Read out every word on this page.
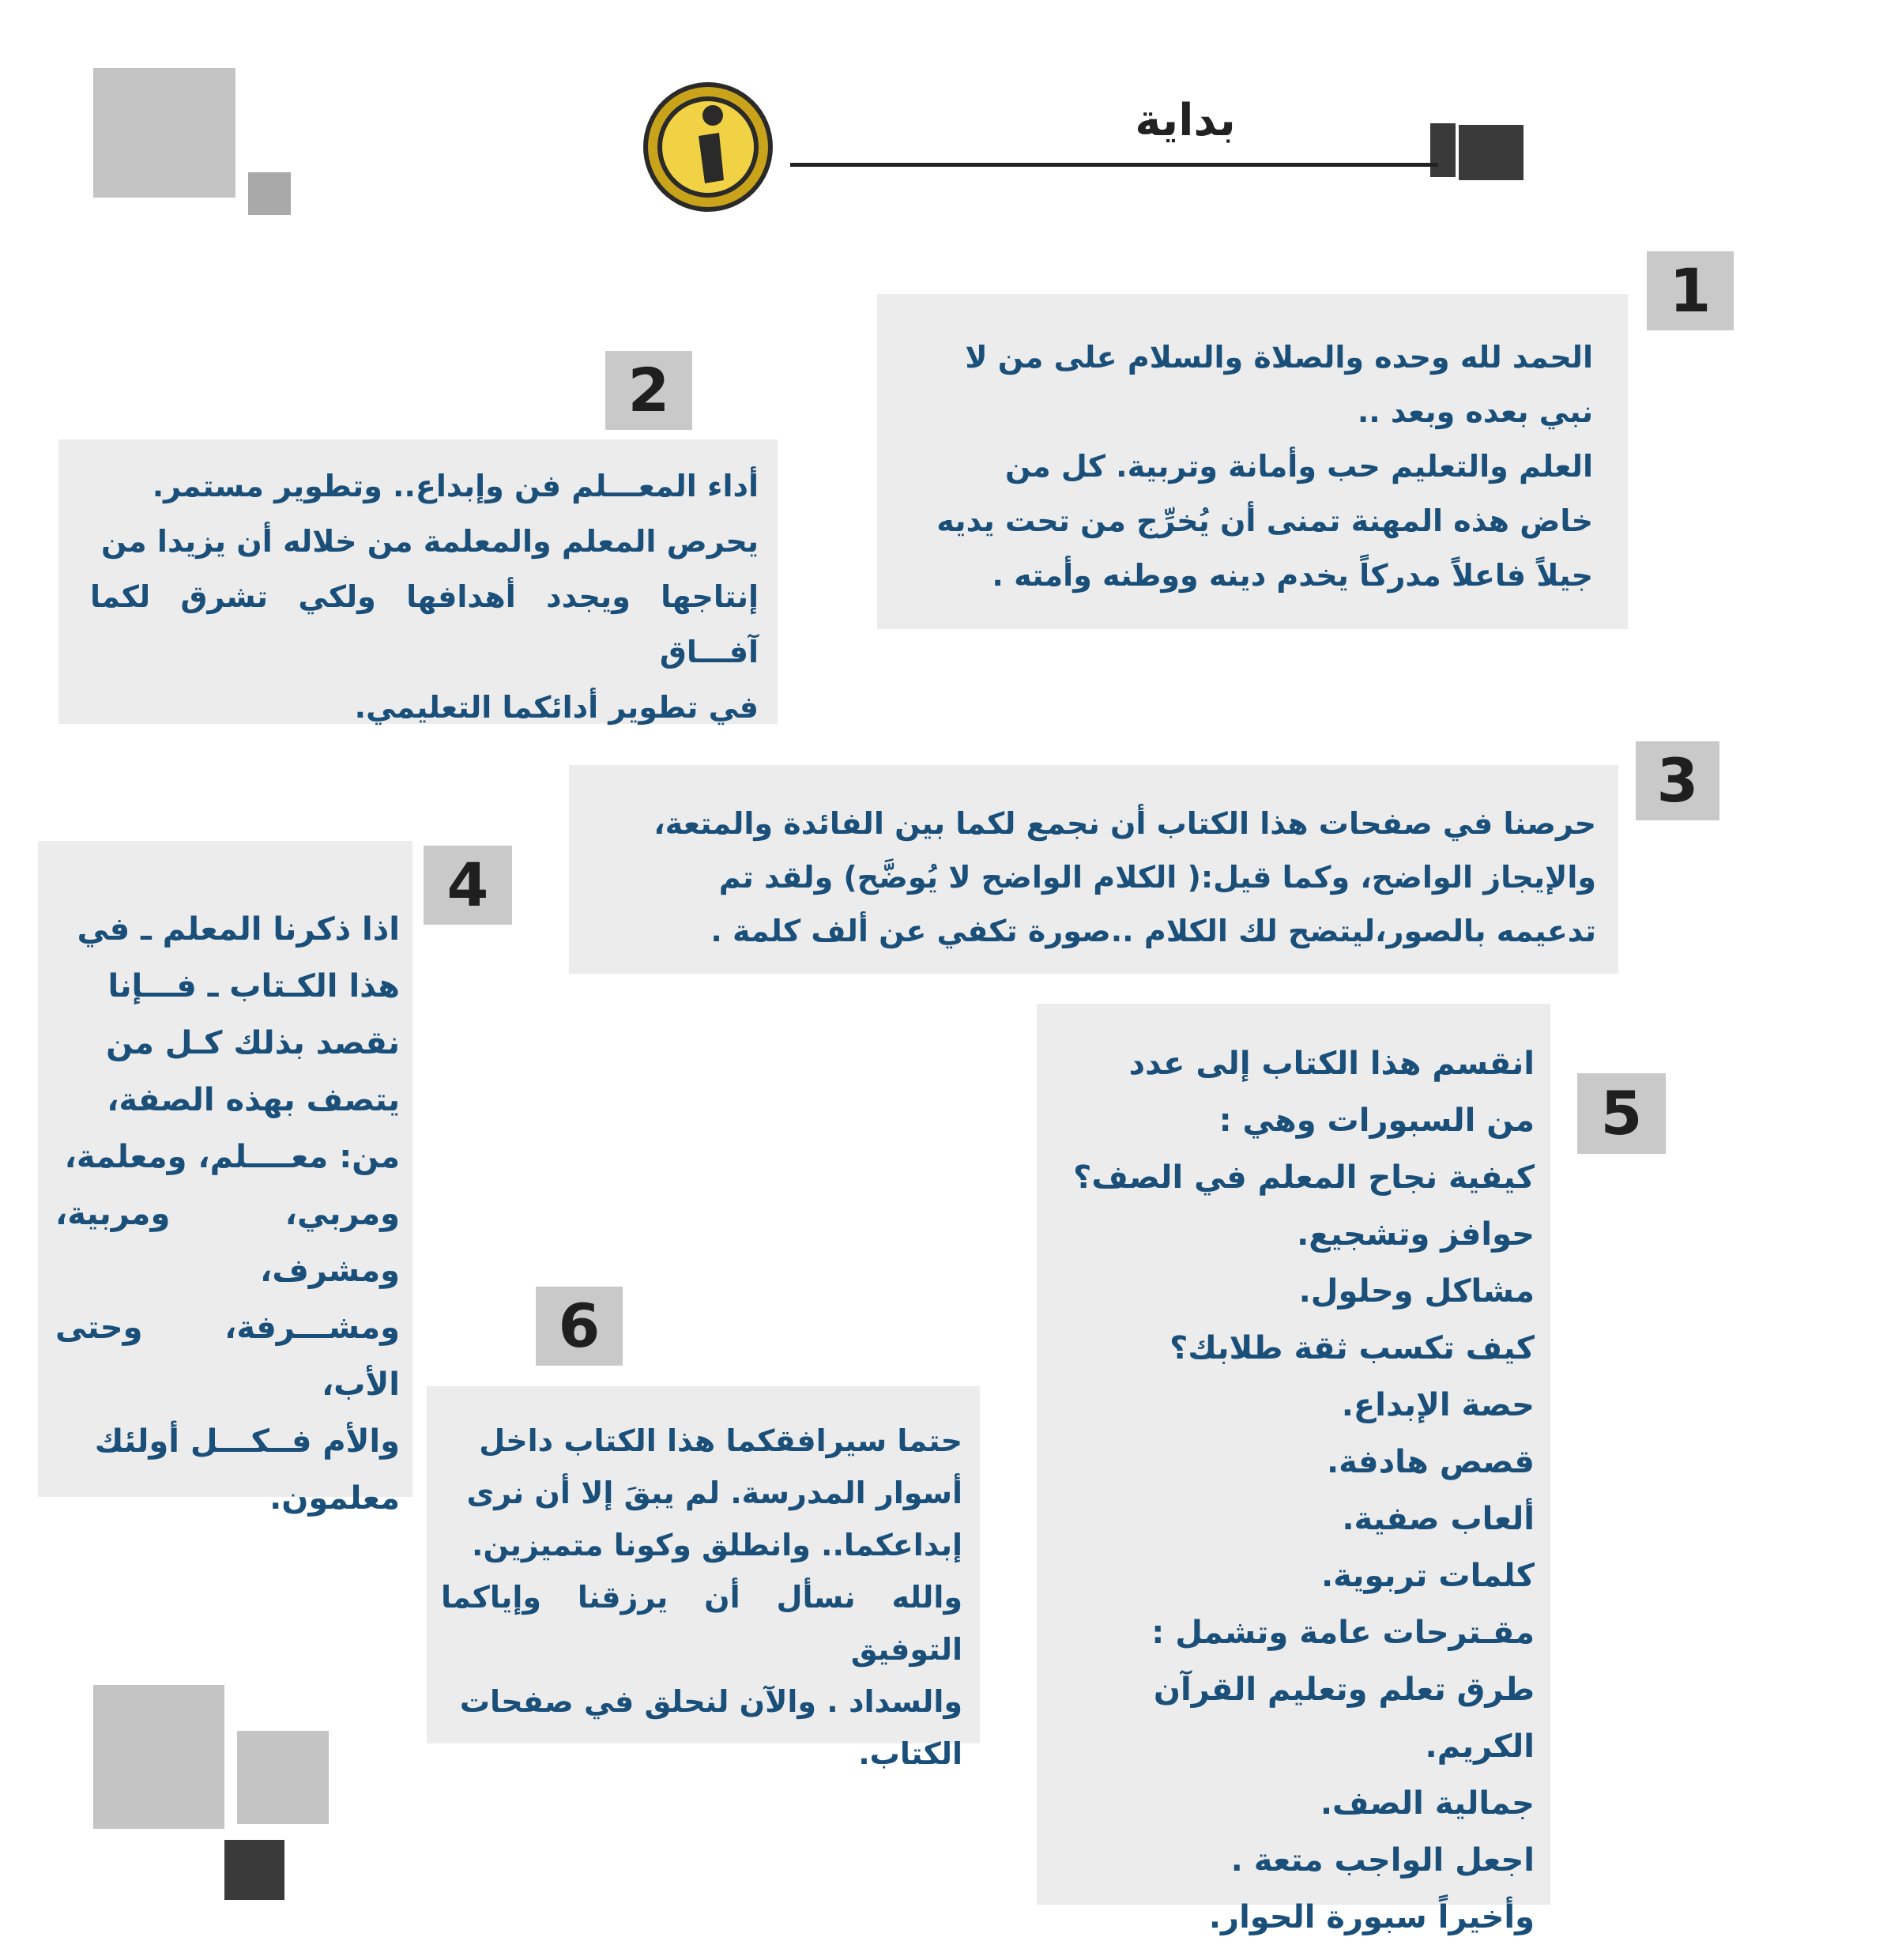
بداية
1

الحمد لله وحده والصلاة والسلام على من لا

نبي بعده وبعد ..

العلم والتعليم حب وأمانة وتربية. كل من

خاض هذه المهنة تمنى أن يُخرِّج من تحت يديه

جيلاً فاعلاً مدركاً يخدم دينه ووطنه وأمته .

2

أداء المعـــلم فن وإبداع.. وتطوير مستمر.

يحرص المعلم والمعلمة من خلاله أن يزيدا من

إنتاجها ويجدد أهدافها ولكي تشرق لكما آفـــاق

في تطوير أدائكما التعليمي.

3

حرصنا في صفحات هذا الكتاب أن نجمع لكما بين الفائدة والمتعة،

والإيجاز الواضح، وكما قيل:( الكلام الواضح لا يُوضَّح) ولقد تم

تدعيمه بالصور،ليتضح لك الكلام ..صورة تكفي عن ألف كلمة .

4

اذا ذكرنا المعلم ـ في

هذا الكـتاب ـ فـــإنا

نقصد بذلك كـل من

يتصف بهذه الصفة،

من: معــــلم، ومعلمة،

ومربي، ومربية، ومشرف،

ومشـــرفة، وحتى الأب،

والأم فــكـــل أولئك

معلمون.

5
انقسم هذا الكتاب إلى عدد
من السبورات وهي :
كيفية نجاح المعلم في الصف؟
حوافز وتشجيع.
مشاكل وحلول.
كيف تكسب ثقة طلابك؟
حصة الإبداع.
قصص هادفة.
ألعاب صفية.
كلمات تربوية.
مقـترحات عامة وتشمل :
طرق تعلم وتعليم القرآن الكريم.
جمالية الصف.
اجعل الواجب متعة .
وأخيراً سبورة الحوار.
6

حتما سيرافقكما هذا الكتاب داخل

أسوار المدرسة. لم يبقَ إلا أن نرى

إبداعكما.. وانطلق وكونا متميزين.

والله نسأل أن يرزقنا وإياكما التوفيق

والسداد . والآن لنحلق في صفحات

الكتاب.
